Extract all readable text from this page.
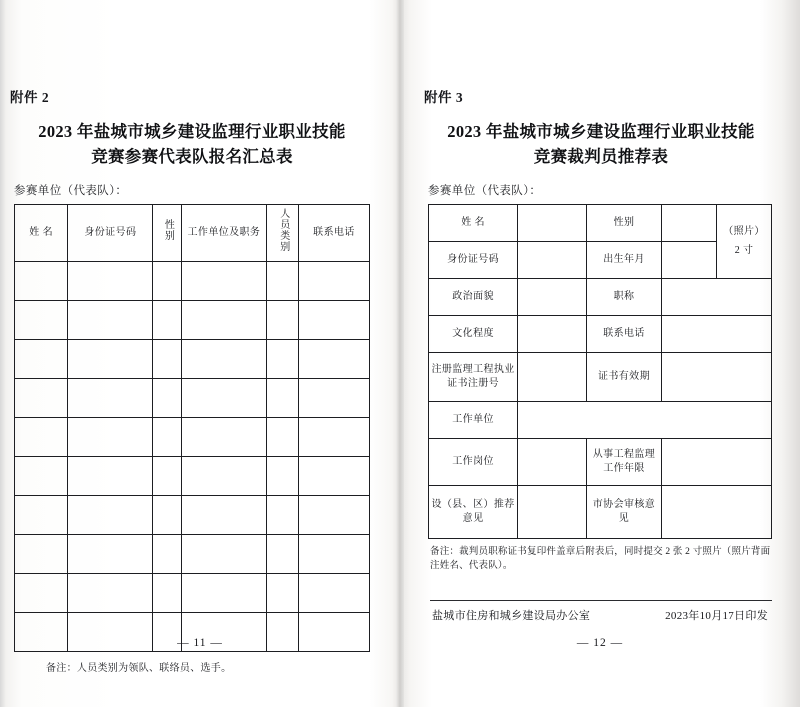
附件 2
2023 年盐城市城乡建设监理行业职业技能
竞赛参赛代表队报名汇总表
参赛单位（代表队）：
姓 名	身份证号码	性别	工作单位及职务	人员类别	联系电话

备注：人员类别为领队、联络员、选手。
附件 3
2023 年盐城市城乡建设监理行业职业技能
竞赛裁判员推荐表
参赛单位（代表队）：
姓 名		性别		（照片）
2 寸

身份证号码		出生年月		
政治面貌		职称		
文化程度		联系电话		
注册监理工程执业证书注册号		证书有效期		
工作单位				
工作岗位		从事工程监理工作年限		
设（县、区）推荐意见		市协会审核意见		
备注：裁判员职称证书复印件盖章后附表后，同时提交 2 张 2 寸照片（照片背面注姓名、代表队）。
盐城市住房和城乡建设局办公室	2023年10月17日印发
— 11 —	— 12 —
